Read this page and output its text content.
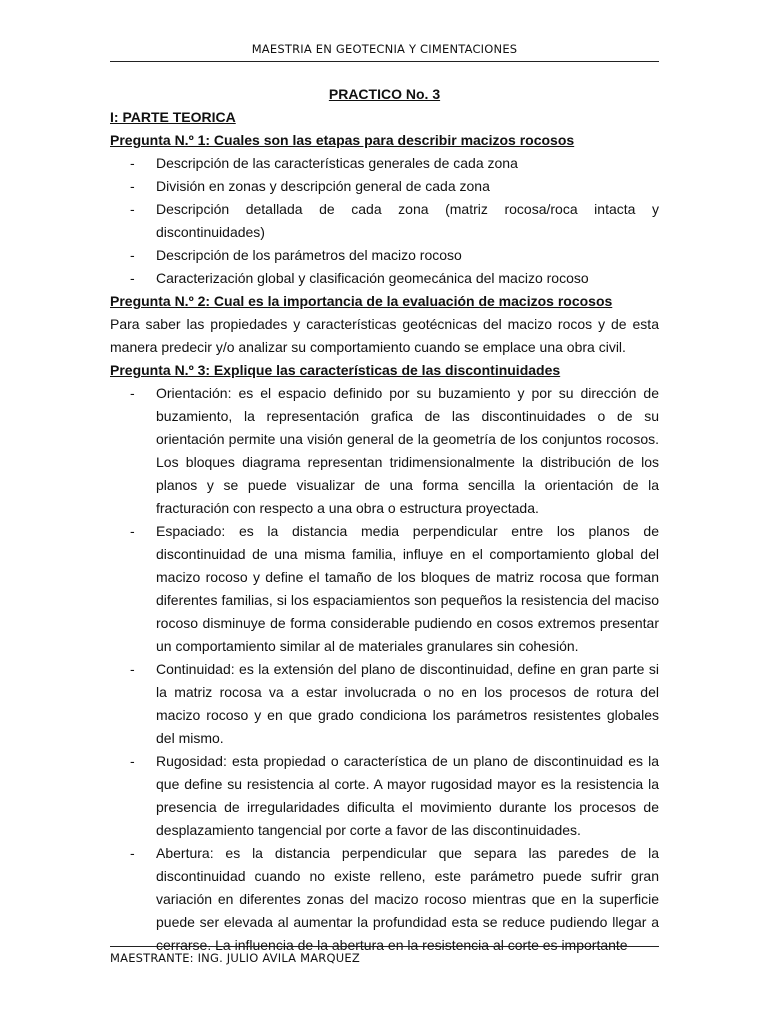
MAESTRIA EN GEOTECNIA Y CIMENTACIONES
PRACTICO No. 3

I: PARTE TEORICA

Pregunta N.º 1: Cuales son las etapas para describir macizos rocosos

- Descripción de las características generales de cada zona
- División en zonas y descripción general de cada zona
- Descripción detallada de cada zona (matriz rocosa/roca intacta y discontinuidades)
- Descripción de los parámetros del macizo rocoso
- Caracterización global y clasificación geomecánica del macizo rocoso

Pregunta N.º 2: Cual es la importancia de la evaluación de macizos rocosos

Para saber las propiedades y características geotécnicas del macizo rocos y de esta manera predecir y/o analizar su comportamiento cuando se emplace una obra civil.

Pregunta N.º 3: Explique las características de las discontinuidades

- Orientación: es el espacio definido por su buzamiento y por su dirección de buzamiento, la representación grafica de las discontinuidades o de su orientación permite una visión general de la geometría de los conjuntos rocosos. Los bloques diagrama representan tridimensionalmente la distribución de los planos y se puede visualizar de una forma sencilla la orientación de la fracturación con respecto a una obra o estructura proyectada.
- Espaciado: es la distancia media perpendicular entre los planos de discontinuidad de una misma familia, influye en el comportamiento global del macizo rocoso y define el tamaño de los bloques de matriz rocosa que forman diferentes familias, si los espaciamientos son pequeños la resistencia del maciso rocoso disminuye de forma considerable pudiendo en cosos extremos presentar un comportamiento similar al de materiales granulares sin cohesión.
- Continuidad: es la extensión del plano de discontinuidad, define en gran parte si la matriz rocosa va a estar involucrada o no en los procesos de rotura del macizo rocoso y en que grado condiciona los parámetros resistentes globales del mismo.
- Rugosidad: esta propiedad o característica de un plano de discontinuidad es la que define su resistencia al corte. A mayor rugosidad mayor es la resistencia la presencia de irregularidades dificulta el movimiento durante los procesos de desplazamiento tangencial por corte a favor de las discontinuidades.
- Abertura: es la distancia perpendicular que separa las paredes de la discontinuidad cuando no existe relleno, este parámetro puede sufrir gran variación en diferentes zonas del macizo rocoso mientras que en la superficie puede ser elevada al aumentar la profundidad esta se reduce pudiendo llegar a cerrarse. La influencia de la abertura en la resistencia al corte es importante
MAESTRANTE: ING. JULIO AVILA MARQUEZ
